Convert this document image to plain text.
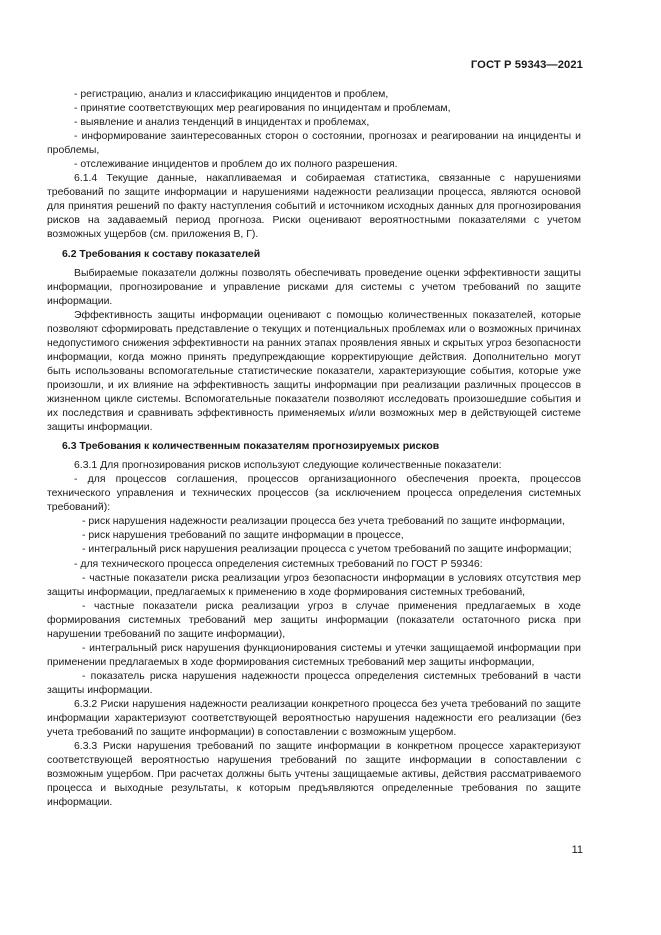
ГОСТ Р 59343—2021

- регистрацию, анализ и классификацию инцидентов и проблем,

- принятие соответствующих мер реагирования по инцидентам и проблемам,

- выявление и анализ тенденций в инцидентах и проблемах,

- информирование заинтересованных сторон о состоянии, прогнозах и реагировании на инциденты и проблемы,

- отслеживание инцидентов и проблем до их полного разрешения.

6.1.4 Текущие данные, накапливаемая и собираемая статистика, связанные с нарушениями требований по защите информации и нарушениями надежности реализации процесса, являются основой для принятия решений по факту наступления событий и источником исходных данных для прогнозирования рисков на задаваемый период прогноза. Риски оценивают вероятностными показателями с учетом возможных ущербов (см. приложения В, Г).

6.2 Требования к составу показателей

Выбираемые показатели должны позволять обеспечивать проведение оценки эффективности защиты информации, прогнозирование и управление рисками для системы с учетом требований по защите информации.

Эффективность защиты информации оценивают с помощью количественных показателей, которые позволяют сформировать представление о текущих и потенциальных проблемах или о возможных причинах недопустимого снижения эффективности на ранних этапах проявления явных и скрытых угроз безопасности информации, когда можно принять предупреждающие корректирующие действия. Дополнительно могут быть использованы вспомогательные статистические показатели, характеризующие события, которые уже произошли, и их влияние на эффективность защиты информации при реализации различных процессов в жизненном цикле системы. Вспомогательные показатели позволяют исследовать произошедшие события и их последствия и сравнивать эффективность применяемых и/или возможных мер в действующей системе защиты информации.

6.3 Требования к количественным показателям прогнозируемых рисков

6.3.1 Для прогнозирования рисков используют следующие количественные показатели:

- для процессов соглашения, процессов организационного обеспечения проекта, процессов технического управления и технических процессов (за исключением процесса определения системных требований):

- риск нарушения надежности реализации процесса без учета требований по защите информации,

- риск нарушения требований по защите информации в процессе,

- интегральный риск нарушения реализации процесса с учетом требований по защите информации;

- для технического процесса определения системных требований по ГОСТ Р 59346:

- частные показатели риска реализации угроз безопасности информации в условиях отсутствия мер защиты информации, предлагаемых к применению в ходе формирования системных требований,

- частные показатели риска реализации угроз в случае применения предлагаемых в ходе формирования системных требований мер защиты информации (показатели остаточного риска при нарушении требований по защите информации),

- интегральный риск нарушения функционирования системы и утечки защищаемой информации при применении предлагаемых в ходе формирования системных требований мер защиты информации,

- показатель риска нарушения надежности процесса определения системных требований в части защиты информации.

6.3.2 Риски нарушения надежности реализации конкретного процесса без учета требований по защите информации характеризуют соответствующей вероятностью нарушения надежности его реализации (без учета требований по защите информации) в сопоставлении с возможным ущербом.

6.3.3 Риски нарушения требований по защите информации в конкретном процессе характеризуют соответствующей вероятностью нарушения требований по защите информации в сопоставлении с возможным ущербом. При расчетах должны быть учтены защищаемые активы, действия рассматриваемого процесса и выходные результаты, к которым предъявляются определенные требования по защите информации.

11
